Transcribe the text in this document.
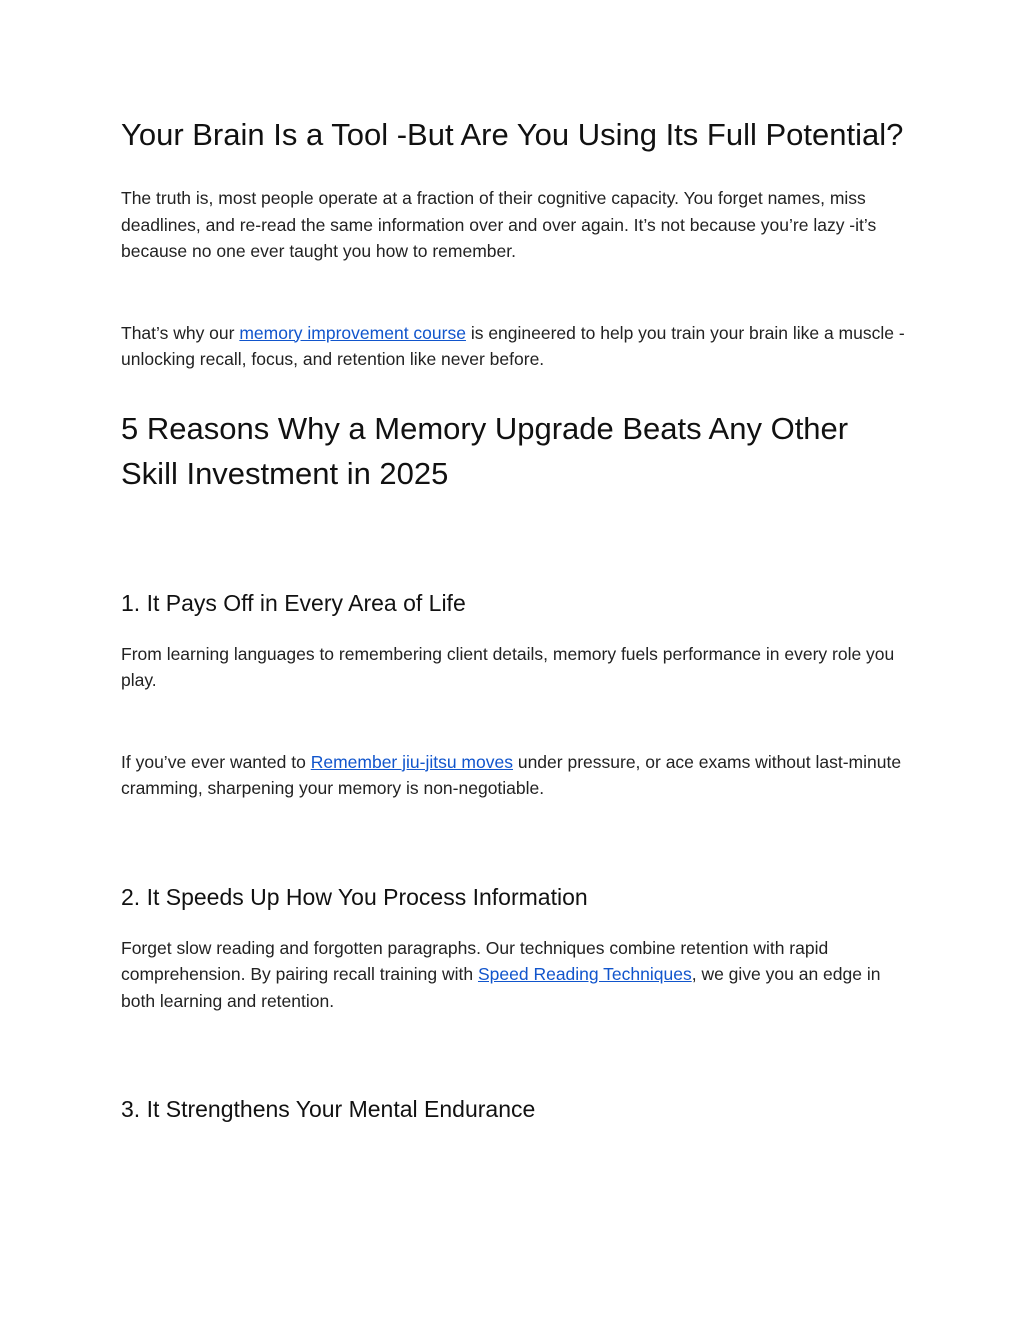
Your Brain Is a Tool -But Are You Using Its Full Potential?

The truth is, most people operate at a fraction of their cognitive capacity. You forget names, miss deadlines, and re-read the same information over and over again. It’s not because you’re lazy -it’s because no one ever taught you how to remember.

That’s why our memory improvement course is engineered to help you train your brain like a muscle -unlocking recall, focus, and retention like never before.

5 Reasons Why a Memory Upgrade Beats Any Other Skill Investment in 2025
1. It Pays Off in Every Area of Life

From learning languages to remembering client details, memory fuels performance in every role you play.

If you’ve ever wanted to Remember jiu-jitsu moves under pressure, or ace exams without last-minute cramming, sharpening your memory is non-negotiable.

2. It Speeds Up How You Process Information

Forget slow reading and forgotten paragraphs. Our techniques combine retention with rapid comprehension. By pairing recall training with Speed Reading Techniques, we give you an edge in both learning and retention.

3. It Strengthens Your Mental Endurance
